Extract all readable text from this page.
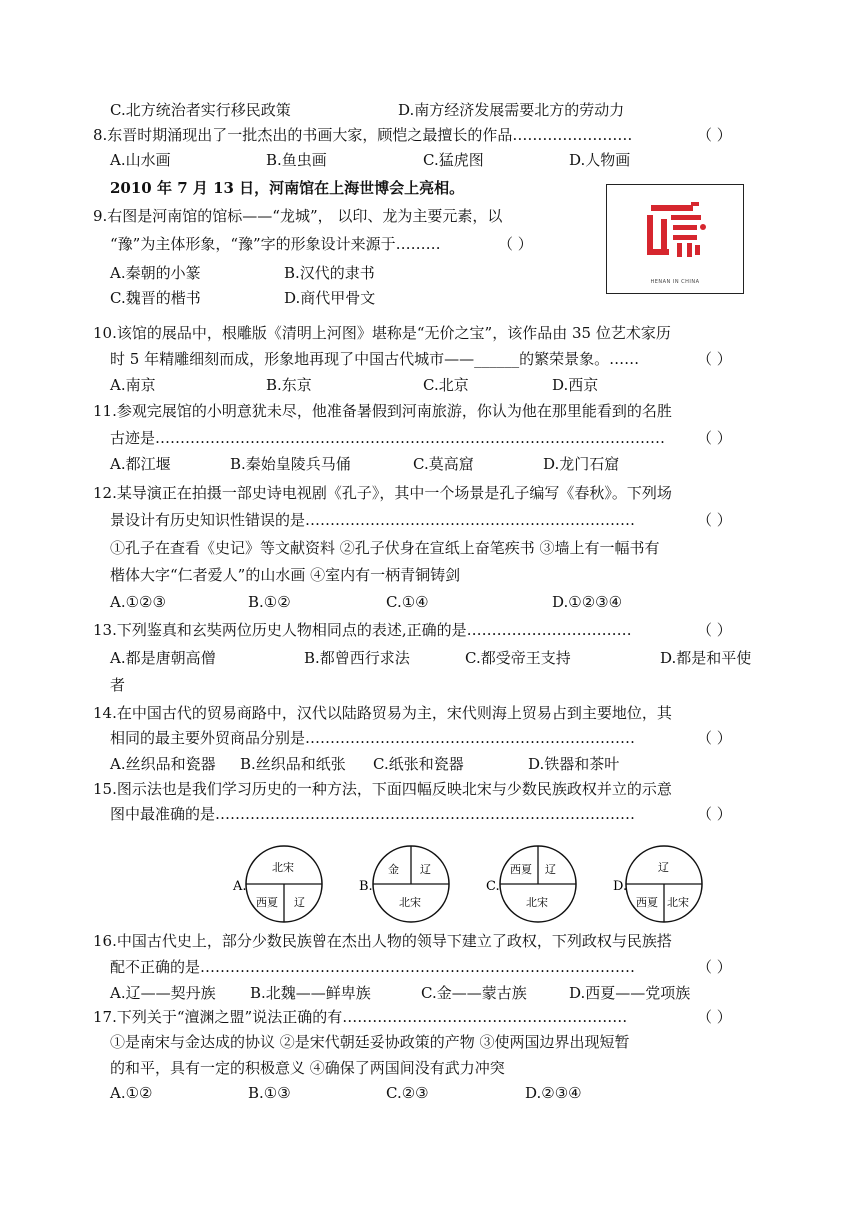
C.北方统治者实行移民政策	D.南方经济发展需要北方的劳动力
8.东晋时期涌现出了一批杰出的书画大家，顾恺之最擅长的作品……………………	（ ）
A.山水画	B.鱼虫画	C.猛虎图	D.人物画
2010 年 7 月 13 日，河南馆在上海世博会上亮相。
9.右图是河南馆的馆标——“龙城”， 以印、龙为主要元素，以
“豫”为主体形象，“豫”字的形象设计来源于………	（ ）
A.秦朝的小篆	B.汉代的隶书
C.魏晋的楷书	D.商代甲骨文
HENAN IN CHINA
10.该馆的展品中，根雕版《清明上河图》堪称是“无价之宝”，该作品由 35 位艺术家历
时 5 年精雕细刻而成，形象地再现了中国古代城市——______的繁荣景象。……	（ ）
A.南京	B.东京	C.北京	D.西京
11.参观完展馆的小明意犹未尽，他准备暑假到河南旅游，你认为他在那里能看到的名胜
古迹是………………………………………………………………………………………… （ ）
A.都江堰	B.秦始皇陵兵马俑	C.莫高窟	D.龙门石窟
12.某导演正在拍摄一部史诗电视剧《孔子》，其中一个场景是孔子编写《春秋》。下列场
景设计有历史知识性错误的是…………………………………………………………	（ ）
①孔子在查看《史记》等文献资料 ②孔子伏身在宣纸上奋笔疾书 ③墙上有一幅书有
楷体大字“仁者爱人”的山水画 ④室内有一柄青铜铸剑
A.①②③	B.①②	C.①④	D.①②③④
13.下列鉴真和玄奘两位历史人物相同点的表述,正确的是……………………………	（ ）
A.都是唐朝高僧	B.都曾西行求法	C.都受帝王支持	D.都是和平使
者
14.在中国古代的贸易商路中，汉代以陆路贸易为主，宋代则海上贸易占到主要地位，其
相同的最主要外贸商品分别是…………………………………………………………	（ ）
A.丝织品和瓷器 B.丝织品和纸张 C.纸张和瓷器	D.铁器和茶叶
15.图示法也是我们学习历史的一种方法，下面四幅反映北宋与少数民族政权并立的示意
图中最准确的是…………………………………………………………………………	（ ）
A.
北宋
西夏 辽
B.
金 辽
北宋
C.
西夏 辽
北宋
D.
辽
西夏 北宋
16.中国古代史上，部分少数民族曾在杰出人物的领导下建立了政权，下列政权与民族搭
配不正确的是……………………………………………………………………………	（ ）
A.辽——契丹族 B.北魏——鲜卑族	C.金——蒙古族	D.西夏——党项族
17.下列关于“澶渊之盟”说法正确的有…………………………………………………	（ ）
①是南宋与金达成的协议 ②是宋代朝廷妥协政策的产物 ③使两国边界出现短暂
的和平，具有一定的积极意义 ④确保了两国间没有武力冲突
A.①②	B.①③	C.②③	D.②③④
